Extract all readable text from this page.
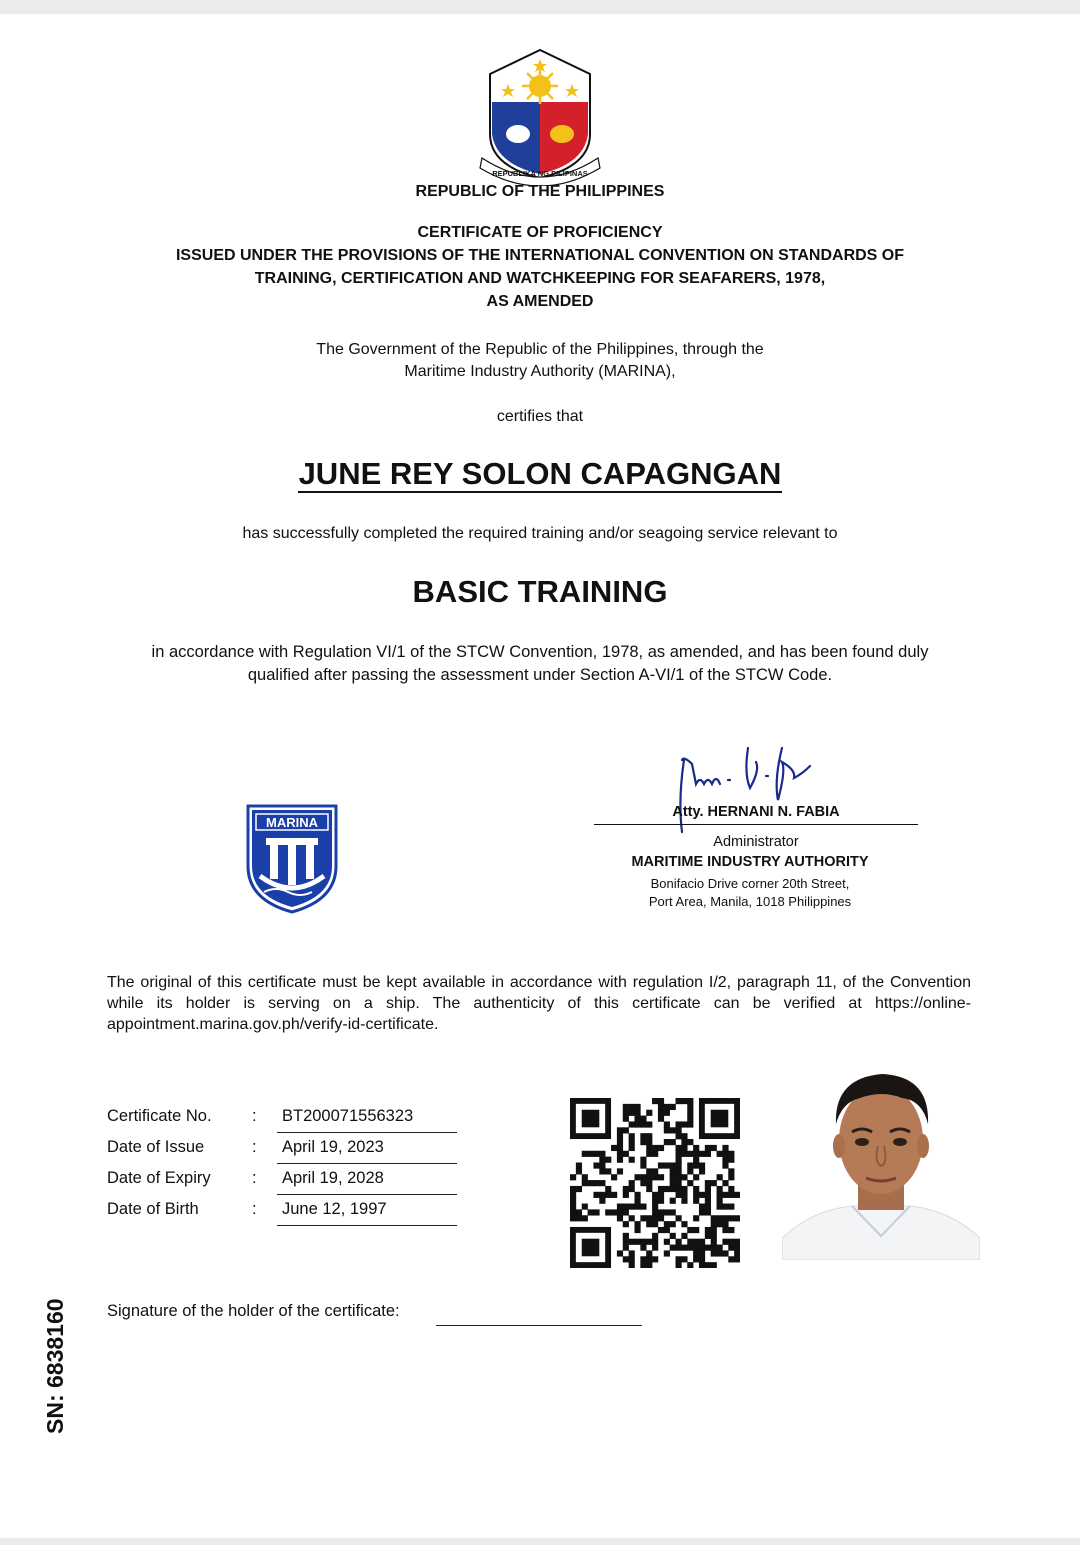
REPUBLIKA NG PILIPINAS
REPUBLIC OF THE PHILIPPINES
CERTIFICATE OF PROFICIENCY
ISSUED UNDER THE PROVISIONS OF THE INTERNATIONAL CONVENTION ON STANDARDS OF
TRAINING, CERTIFICATION AND WATCHKEEPING FOR SEAFARERS, 1978,
AS AMENDED
The Government of the Republic of the Philippines, through the
Maritime Industry Authority (MARINA),
certifies that
JUNE REY SOLON CAPAGNGAN
has successfully completed the required training and/or seagoing service relevant to
BASIC TRAINING
in accordance with Regulation VI/1 of the STCW Convention, 1978, as amended, and has been found duly
qualified after passing the assessment under Section A-VI/1 of the STCW Code.
MARINA
Atty. HERNANI N. FABIA
Administrator
MARITIME INDUSTRY AUTHORITY
Bonifacio Drive corner 20th Street,
Port Area, Manila, 1018 Philippines
The original of this certificate must be kept available in accordance with regulation I/2, paragraph 11, of the Convention while its holder is serving on a ship. The authenticity of this certificate can be verified at https://online-appointment.marina.gov.ph/verify-id-certificate.
Certificate No. :	BT200071556323
Date of Issue	:	April 19, 2023
Date of Expiry	:	April 19, 2028
Date of Birth	:	June 12, 1997
Signature of the holder of the certificate:
SN: 6838160
